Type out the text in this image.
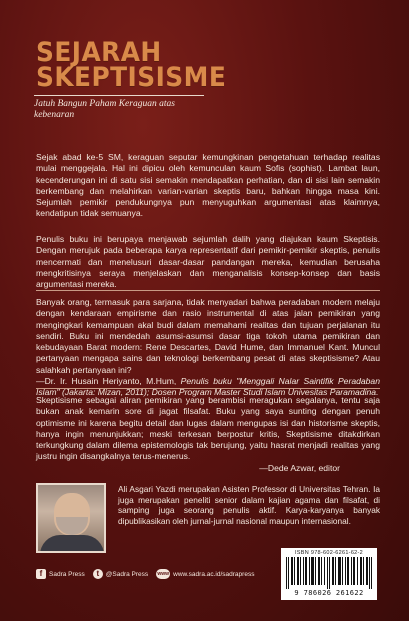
SEJARAH
SKEPTISISME
Jatuh Bangun Paham Keraguan atas kebenaran
Sejak abad ke-5 SM, keraguan seputar kemungkinan pengetahuan terhadap realitas mulai menggejala. Hal ini dipicu oleh kemunculan kaum Sofis (sophist). Lambat laun, kecenderungan ini di satu sisi semakin mendapatkan perhatian, dan di sisi lain semakin berkembang dan melahirkan varian-varian skeptis baru, bahkan hingga masa kini. Sejumlah pemikir pendukungnya pun menyuguhkan argumentasi atas klaimnya, kendatipun tidak semuanya.
Penulis buku ini berupaya menjawab sejumlah dalih yang diajukan kaum Skeptisis. Dengan merujuk pada beberapa karya representatif dari pemikir-pemikir skeptis, penulis mencermati dan menelusuri dasar-dasar pandangan mereka, kemudian berusaha mengkritisinya seraya menjelaskan dan menganalisis konsep-konsep dan basis argumentasi mereka.
Banyak orang, termasuk para sarjana, tidak menyadari bahwa peradaban modern melaju dengan kendaraan empirisme dan rasio instrumental di atas jalan pemikiran yang mengingkari kemampuan akal budi dalam memahami realitas dan tujuan perjalanan itu sendiri. Buku ini mendedah asumsi-asumsi dasar tiga tokoh utama pemikiran dan kebudayaan Barat modern: Rene Descartes, David Hume, dan Immanuel Kant. Muncul pertanyaan mengapa sains dan teknologi berkembang pesat di atas skeptisisme? Atau salahkah pertanyaan ini?
—Dr. Ir. Husain Heriyanto, M.Hum, Penulis buku "Menggali Nalar Saintifik Peradaban Islam" (Jakarta: Mizan, 2011); Dosen Program Master Studi Islam Univesitas Paramadina.
Skeptisisme sebagai aliran pemikiran yang berambisi meragukan segalanya, tentu saja bukan anak kemarin sore di jagat filsafat. Buku yang saya sunting dengan penuh optimisme ini karena begitu detail dan lugas dalam mengupas isi dan historisme skeptis, hanya ingin menunjukkan; meski terkesan berpostur kritis, Skeptisisme ditakdirkan terkungkung dalam dilema epistemologis tak berujung, yaitu hasrat menjadi realitas yang justru ingin disangkalnya terus-menerus.
—Dede Azwar, editor
Ali Asgari Yazdi merupakan Asisten Professor di Universitas Tehran. Ia juga merupakan peneliti senior dalam kajian agama dan filsafat, di samping juga seorang penulis aktif. Karya-karyanya banyak dipublikasikan oleh jurnal-jurnal nasional maupun internasional.
f	Sadra Press	t	@Sadra Press www www.sadra.ac.id/sadrapress
ISBN 978-602-6261-62-2
9 786026 261622
